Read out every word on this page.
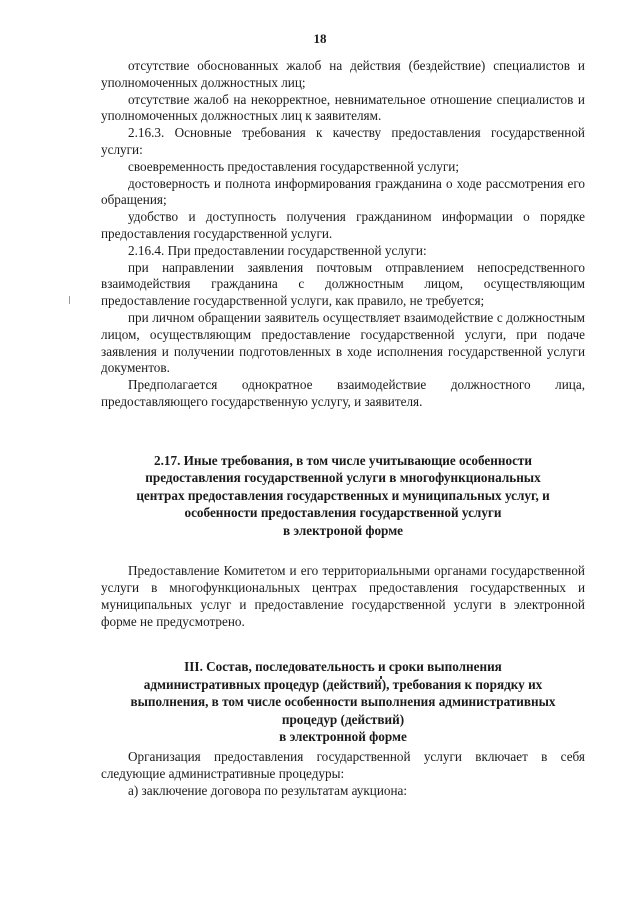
18

отсутствие обоснованных жалоб на действия (бездействие) специалистов и уполномоченных должностных лиц;

отсутствие жалоб на некорректное, невнимательное отношение специалистов и уполномоченных должностных лиц к заявителям.

2.16.3. Основные требования к качеству предоставления государственной услуги:

своевременность предоставления государственной услуги;

достоверность и полнота информирования гражданина о ходе рассмотрения его обращения;

удобство и доступность получения гражданином информации о порядке предоставления государственной услуги.

2.16.4. При предоставлении государственной услуги:

при направлении заявления почтовым отправлением непосредственного взаимодействия гражданина с должностным лицом, осуществляющим предоставление государственной услуги, как правило, не требуется;

при личном обращении заявитель осуществляет взаимодействие с должностным лицом, осуществляющим предоставление государственной услуги, при подаче заявления и получении подготовленных в ходе исполнения государственной услуги документов.

Предполагается однократное взаимодействие должностного лица, предоставляющего государственную услугу, и заявителя.

2.17. Иные требования, в том числе учитывающие особенности

предоставления государственной услуги в многофункциональных

центрах предоставления государственных и муниципальных услуг, и

особенности предоставления государственной услуги

в электроной форме

Предоставление Комитетом и его территориальными органами государственной услуги в многофункциональных центрах предоставления государственных и муниципальных услуг и предоставление государственной услуги в электронной форме не предусмотрено.

III. Состав, последовательность и сроки выполнения

административных процедур (действий), требования к порядку их

выполнения, в том числе особенности выполнения административных

процедур (действий)

в электронной форме

Организация предоставления государственной услуги включает в себя следующие административные процедуры:

а) заключение договора по результатам аукциона:
